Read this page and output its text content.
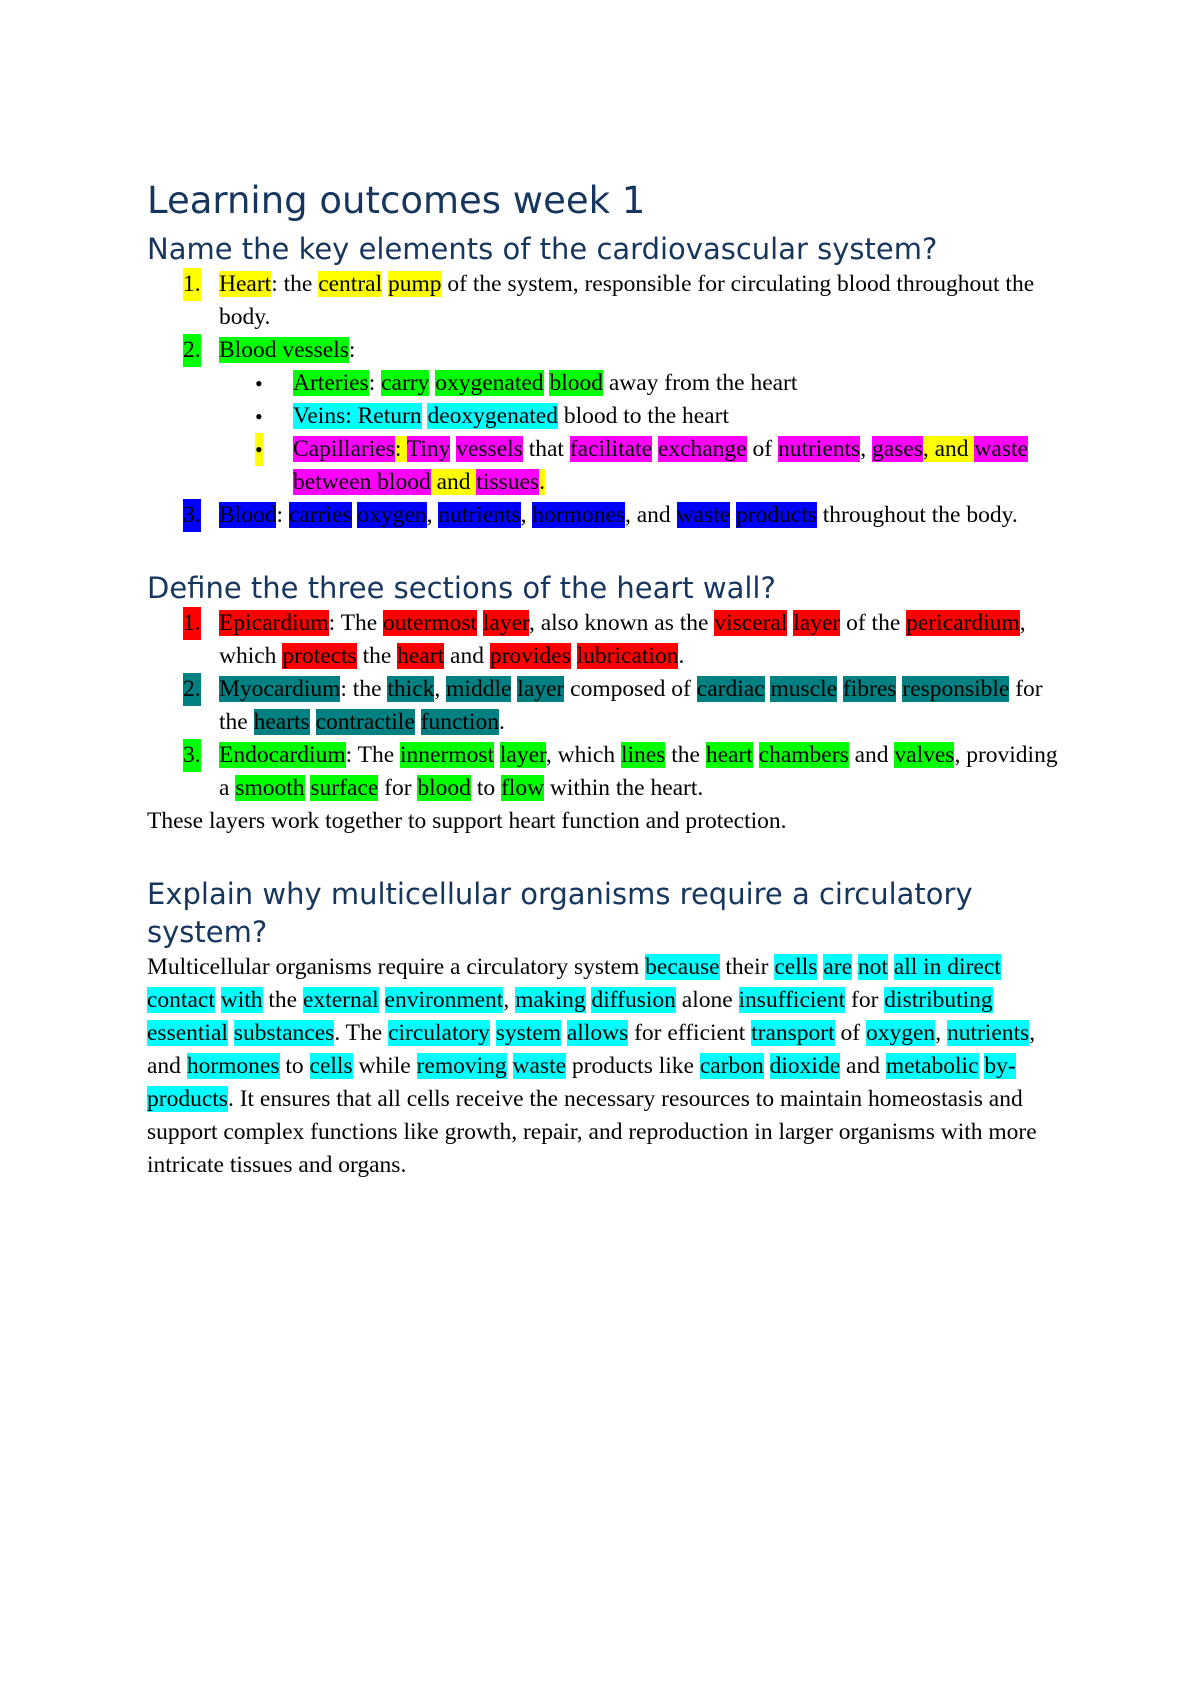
Learning outcomes week 1
Name the key elements of the cardiovascular system?
1. Heart: the central pump of the system, responsible for circulating blood throughout the body.
2. Blood vessels:
• Arteries: carry oxygenated blood away from the heart
• Veins: Return deoxygenated blood to the heart
• Capillaries: Tiny vessels that facilitate exchange of nutrients, gases, and waste between blood and tissues.
3. Blood: carries oxygen, nutrients, hormones, and waste products throughout the body.
Define the three sections of the heart wall?
1. Epicardium: The outermost layer, also known as the visceral layer of the pericardium, which protects the heart and provides lubrication.
2. Myocardium: the thick, middle layer composed of cardiac muscle fibres responsible for the hearts contractile function.
3. Endocardium: The innermost layer, which lines the heart chambers and valves, providing a smooth surface for blood to flow within the heart.

These layers work together to support heart function and protection.

Explain why multicellular organisms require a circulatory system?

Multicellular organisms require a circulatory system because their cells are not all in direct contact with the external environment, making diffusion alone insufficient for distributing essential substances. The circulatory system allows for efficient transport of oxygen, nutrients, and hormones to cells while removing waste products like carbon dioxide and metabolic by-products. It ensures that all cells receive the necessary resources to maintain homeostasis and support complex functions like growth, repair, and reproduction in larger organisms with more intricate tissues and organs.
